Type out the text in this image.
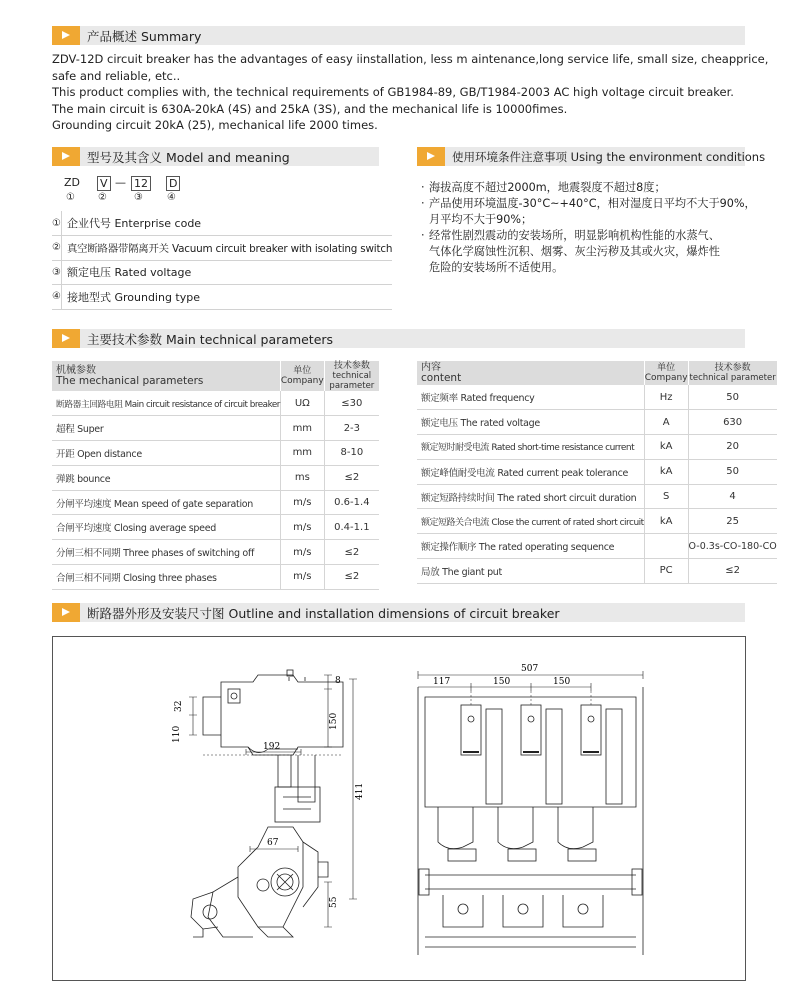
产品概述 Summary

ZDV-12D circuit breaker has the advantages of easy iinstallation, less m aintenance,long service life, small size, cheapprice,

safe and reliable, etc..

This product complies with, the technical requirements of GB1984-89, GB/T1984-2003 AC high voltage circuit breaker.

The main circuit is 630A-20kA (4S) and 25kA (3S), and the mechanical life is 10000fimes.

Grounding circuit 20kA (25), mechanical life 2000 times.

型号及其含义 Model and meaning
ZD V — 12 D
① ②	③ ④
①	企业代号 Enterprise code
②	真空断路器带隔离开关 Vacuum circuit breaker with isolating switch
③	额定电压 Rated voltage
④	接地型式 Grounding type
使用环境条件注意事项 Using the environment conditions
· 海拔高度不超过2000m，地震裂度不超过8度；
· 产品使用环境温度-30°C~+40°C，相对湿度日平均不大于90%，
月平均不大于90%；
· 经常性剧烈震动的安装场所，明显影响机构性能的水蒸气、
气体化学腐蚀性沉积、烟雾、灰尘污秽及其或火灾，爆炸性
危险的安装场所不适使用。
主要技术参数 Main technical parameters
机械参数
The mechanical parameters	单位
Company	技术参数
technical parameter
断路器主回路电阻 Main circuit resistance of circuit breaker	UΩ	≤30
超程 Super	mm	2-3
开距 Open distance	mm	8-10
弹跳 bounce	ms	≤2
分闸平均速度 Mean speed of gate separation	m/s	0.6-1.4
合闸平均速度 Closing average speed	m/s	0.4-1.1
分闸三相不同期 Three phases of switching off	m/s	≤2
合闸三相不同期 Closing three phases	m/s	≤2
内容
content	单位
Company	技术参数
technical parameter
额定频率 Rated frequency	Hz	50
额定电压 The rated voltage	A	630
额定短时耐受电流 Rated short-time resistance current	kA	20
额定峰值耐受电流 Rated current peak tolerance	kA	50
额定短路持续时间 The rated short circuit duration	S	4
额定短路关合电流 Close the current of rated short circuit	kA	25
额定操作顺序 The rated operating sequence		O-0.3s-CO-180-CO
局放 The giant put	PC	≤2
断路器外形及安装尺寸图 Outline and installation dimensions of circuit breaker
32
110
192
8
150
411
67
55
507
117	150	150
